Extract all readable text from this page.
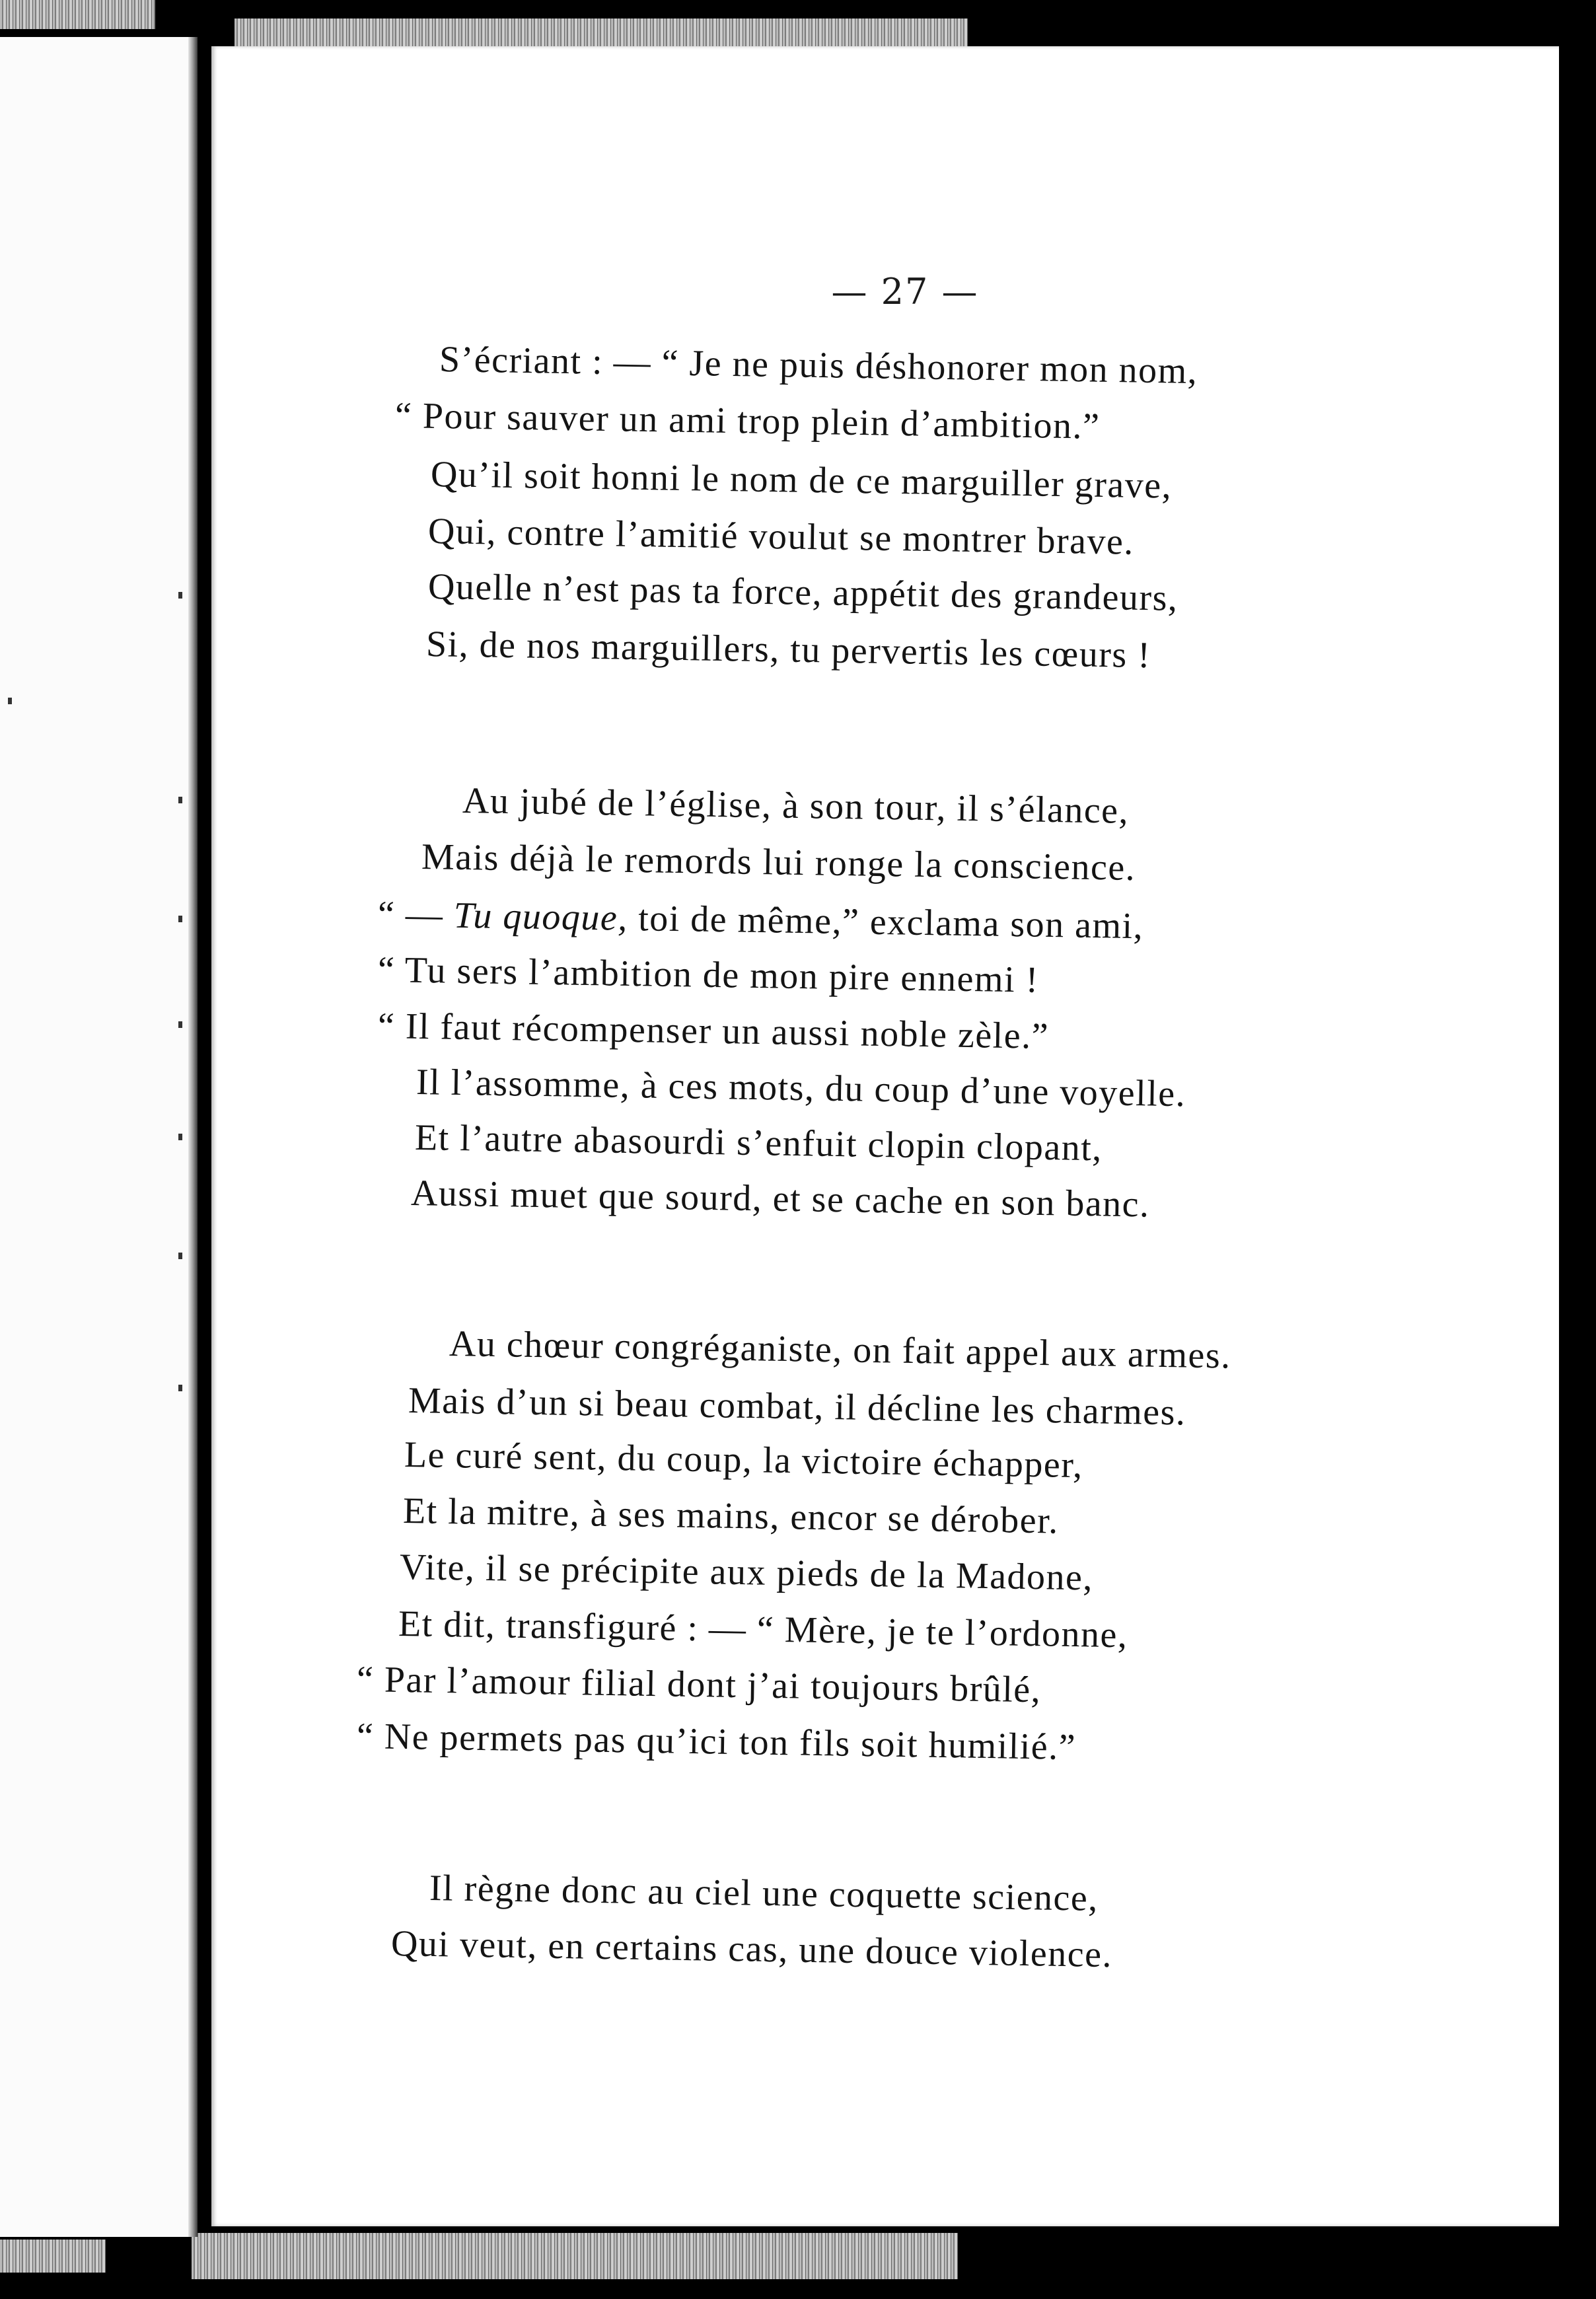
— 27 —
S’écriant : — “ Je ne puis déshonorer mon nom,
“ Pour sauver un ami trop plein d’ambition.”
Qu’il soit honni le nom de ce marguiller grave,
Qui, contre l’amitié voulut se montrer brave.
Quelle n’est pas ta force, appétit des grandeurs,
Si, de nos marguillers, tu pervertis les cœurs !
Au jubé de l’église, à son tour, il s’élance,
Mais déjà le remords lui ronge la conscience.
“ — Tu quoque, toi de même,” exclama son ami,
“ Tu sers l’ambition de mon pire ennemi !
“ Il faut récompenser un aussi noble zèle.”
Il l’assomme, à ces mots, du coup d’une voyelle.
Et l’autre abasourdi s’enfuit clopin clopant,
Aussi muet que sourd, et se cache en son banc.
Au chœur congréganiste, on fait appel aux armes.
Mais d’un si beau combat, il décline les charmes.
Le curé sent, du coup, la victoire échapper,
Et la mitre, à ses mains, encor se dérober.
Vite, il se précipite aux pieds de la Madone,
Et dit, transfiguré : — “ Mère, je te l’ordonne,
“ Par l’amour filial dont j’ai toujours brûlé,
“ Ne permets pas qu’ici ton fils soit humilié.”
Il règne donc au ciel une coquette science,
Qui veut, en certains cas, une douce violence.
